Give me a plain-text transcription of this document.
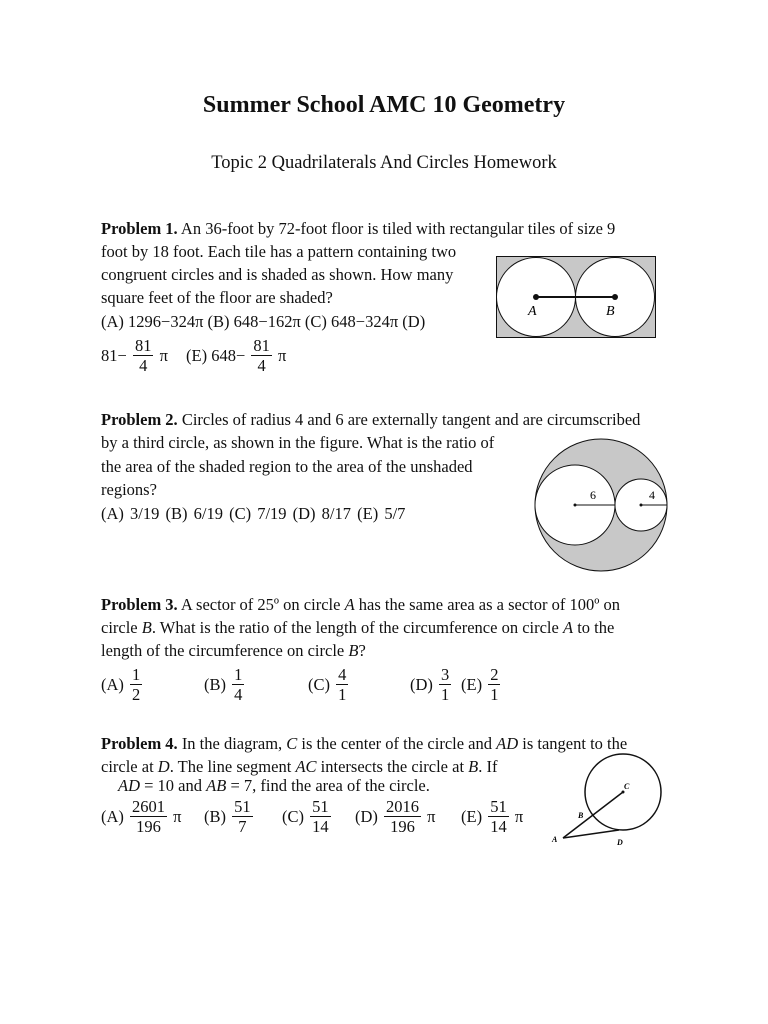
Summer School AMC 10 Geometry
Topic 2 Quadrilaterals And Circles Homework
Problem 1. An 36-foot by 72-foot floor is tiled with rectangular tiles of size 9
foot by 18 foot. Each tile has a pattern containing two
congruent circles and is shaded as shown. How many
square feet of the floor are shaded?
(A) 1296−324π (B) 648−162π (C) 648−324π (D)
$81- \frac{81}{4}$ π (E) $648- \frac{81}{4}$ π
A	B
Problem 2. Circles of radius 4 and 6 are externally tangent and are circumscribed
by a third circle, as shown in the figure. What is the ratio of
the area of the shaded region to the area of the unshaded
regions?
(A) 3/19 (B) 6/19 (C) 7/19 (D) 8/17 (E) 5/7
6	4
Problem 3. A sector of 25º on circle A has the same area as a sector of 100º on
circle B. What is the ratio of the length of the circumference on circle A to the
length of the circumference on circle B?
$(A) \frac{1}{2}$	$(B) \frac{1}{4}$	$(C) \frac{4}{1}$	$(D) \frac{3}{1} (E) \frac{2}{1}$
Problem 4. In the diagram, C is the center of the circle and AD is tangent to the
circle at D. The line segment AC intersects the circle at B. If
AD = 10 and AB = 7, find the area of the circle.
$(A) \frac{2601}{196}$ π $(B) \frac{51}{7} (C) \frac{51}{14} (D) \frac{2016}{196}$ π $(E) \frac{51}{14}$ π
C
B
A	D
